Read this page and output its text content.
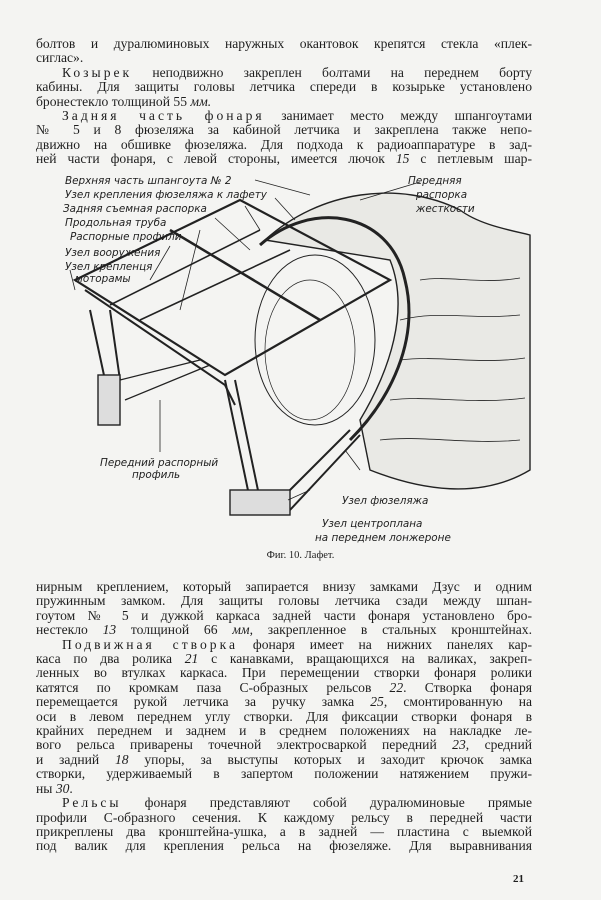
болтов и дуралюминовых наружных окантовок крепятся стекла «плек-
сиглас».

Козырек неподвижно закреплен болтами на переднем борту
кабины. Для защиты головы летчика спереди в козырьке установлено
бронестекло толщиной 55 мм.

Задняя часть фонаря занимает место между шпангоутами
№ 5 и 8 фюзеляжа за кабиной летчика и закреплена также непо-
движно на обшивке фюзеляжа. Для подхода к радиоаппаратуре в зад-
ней части фонаря, с левой стороны, имеется лючок 15 с петлевым шар-

Верхняя часть шпангоута № 2
Узел крепления фюзеляжа к лафету
Задняя съемная распорка
Продольная труба
Распорные профили
Узел вооружения
Узел крепленця
моторамы
Передняя
распорка
жесткости
Передний распорный
профиль
Узел фюзеляжа
Узел центроплана
на переднем лонжероне
Фиг. 10. Лафет.

нирным креплением, который запирается внизу замками Дзус и одним
пружинным замком. Для защиты головы летчика сзади между шпан-
гоутом № 5 и дужкой каркаса задней части фонаря установлено бро-
нестекло 13 толщиной 66 мм, закрепленное в стальных кронштейнах.

Подвижная створка фонаря имеет на нижних панелях кар-
каса по два ролика 21 с канавками, вращающихся на валиках, закреп-
ленных во втулках каркаса. При перемещении створки фонаря ролики
катятся по кромкам паза С-образных рельсов 22. Створка фонаря
перемещается рукой летчика за ручку замка 25, смонтированную на
оси в левом переднем углу створки. Для фиксации створки фонаря в
крайних переднем и заднем и в среднем положениях на накладке ле-
вого рельса приварены точечной электросваркой передний 23, средний
и задний 18 упоры, за выступы которых и заходит крючок замка
створки, удерживаемый в запертом положении натяжением пружи-
ны 30.

Рельсы фонаря представляют собой дуралюминовые прямые
профили С-образного сечения. К каждому рельсу в передней части
прикреплены два кронштейна-ушка, а в задней — пластина с выемкой
под валик для крепления рельса на фюзеляже. Для выравнивания

21
